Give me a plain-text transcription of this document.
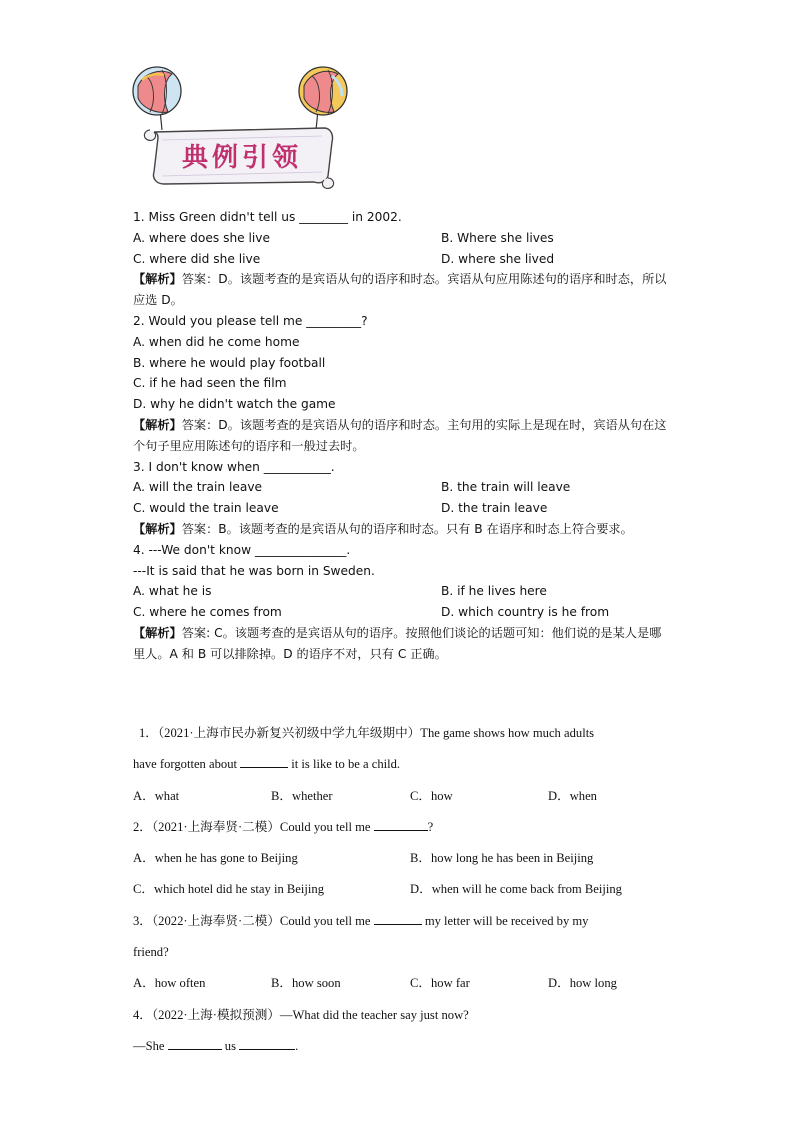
典例引领
1. Miss Green didn't tell us ________ in 2002.
A. where does she live	B. Where she lives
C. where did she live	D. where she lived
【解析】答案：D。该题考查的是宾语从句的语序和时态。宾语从句应用陈述句的语序和时态，所以应选 D。
2. Would you please tell me _________?
A. when did he come home
B. where he would play football
C. if he had seen the film
D. why he didn't watch the game
【解析】答案：D。该题考查的是宾语从句的语序和时态。主句用的实际上是现在时，宾语从句在这个句子里应用陈述句的语序和一般过去时。
3. I don't know when ___________.
A. will the train leave	B. the train will leave
C. would the train leave	D. the train leave
【解析】答案：B。该题考查的是宾语从句的语序和时态。只有 B 在语序和时态上符合要求。
4. ---We don't know _______________.
---It is said that he was born in Sweden.
A. what he is	B. if he lives here
C. where he comes from	D. which country is he from
【解析】答案: C。该题考查的是宾语从句的语序。按照他们谈论的话题可知：他们说的是某人是哪里人。A 和 B 可以排除掉。D 的语序不对，只有 C 正确。
1．（2021·上海市民办新复兴初级中学九年级期中）The game shows how much adults
have forgotten about	it is like to be a child.
A．what	B．whether	C．how	D．when
2．（2021·上海奉贤·二模）Could you tell me	?
A．when he has gone to Beijing	B．how long he has been in Beijing
C．which hotel did he stay in Beijing	D．when will he come back from Beijing
3．（2022·上海奉贤·二模）Could you tell me	my letter will be received by my
friend?
A．how often	B．how soon	C．how far	D．how long
4．（2022·上海·模拟预测）—What did the teacher say just now?
—She	us	.
